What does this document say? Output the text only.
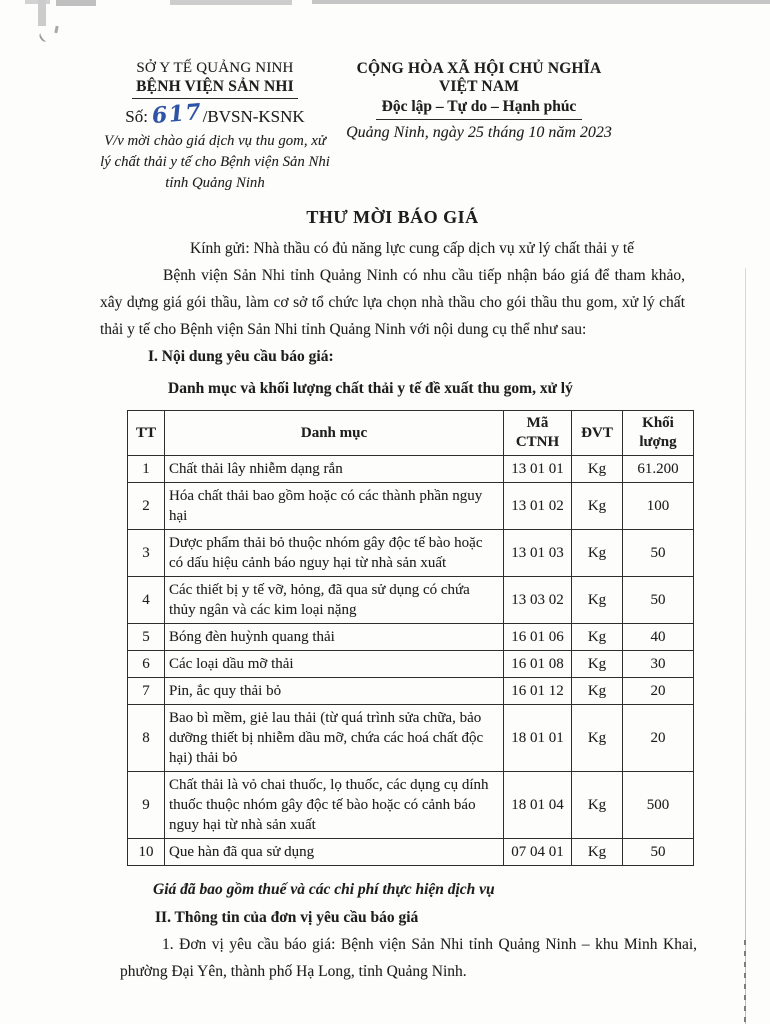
SỞ Y TẾ QUẢNG NINH
BỆNH VIỆN SẢN NHI
Số: 617/BVSN-KSNK
V/v mời chào giá dịch vụ thu gom, xử lý chất thải y tế cho Bệnh viện Sản Nhi tỉnh Quảng Ninh
CỘNG HÒA XÃ HỘI CHỦ NGHĨA VIỆT NAM
Độc lập – Tự do – Hạnh phúc
Quảng Ninh, ngày 25 tháng 10 năm 2023
THƯ MỜI BÁO GIÁ

Kính gửi: Nhà thầu có đủ năng lực cung cấp dịch vụ xử lý chất thải y tế

Bệnh viện Sản Nhi tỉnh Quảng Ninh có nhu cầu tiếp nhận báo giá để tham khảo, xây dựng giá gói thầu, làm cơ sở tổ chức lựa chọn nhà thầu cho gói thầu thu gom, xử lý chất thải y tế cho Bệnh viện Sản Nhi tỉnh Quảng Ninh với nội dung cụ thể như sau:

I. Nội dung yêu cầu báo giá:

Danh mục và khối lượng chất thải y tế đề xuất thu gom, xử lý

TT	Danh mục	Mã CTNH	ĐVT	Khối lượng
1	Chất thải lây nhiễm dạng rắn	13 01 01	Kg	61.200
2	Hóa chất thải bao gồm hoặc có các thành phần nguy hại	13 01 02	Kg	100
3	Dược phẩm thải bỏ thuộc nhóm gây độc tế bào hoặc có dấu hiệu cảnh báo nguy hại từ nhà sản xuất	13 01 03	Kg	50
4	Các thiết bị y tế vỡ, hỏng, đã qua sử dụng có chứa thủy ngân và các kim loại nặng	13 03 02	Kg	50
5	Bóng đèn huỳnh quang thải	16 01 06	Kg	40
6	Các loại dầu mỡ thải	16 01 08	Kg	30
7	Pin, ắc quy thải bỏ	16 01 12	Kg	20
8	Bao bì mềm, giẻ lau thải (từ quá trình sửa chữa, bảo dưỡng thiết bị nhiễm dầu mỡ, chứa các hoá chất độc hại) thải bỏ	18 01 01	Kg	20
9	Chất thải là vỏ chai thuốc, lọ thuốc, các dụng cụ dính thuốc thuộc nhóm gây độc tế bào hoặc có cảnh báo nguy hại từ nhà sản xuất	18 01 04	Kg	500
10	Que hàn đã qua sử dụng	07 04 01	Kg	50

Giá đã bao gồm thuế và các chi phí thực hiện dịch vụ

II. Thông tin của đơn vị yêu cầu báo giá

1. Đơn vị yêu cầu báo giá: Bệnh viện Sản Nhi tỉnh Quảng Ninh – khu Minh Khai, phường Đại Yên, thành phố Hạ Long, tỉnh Quảng Ninh.
